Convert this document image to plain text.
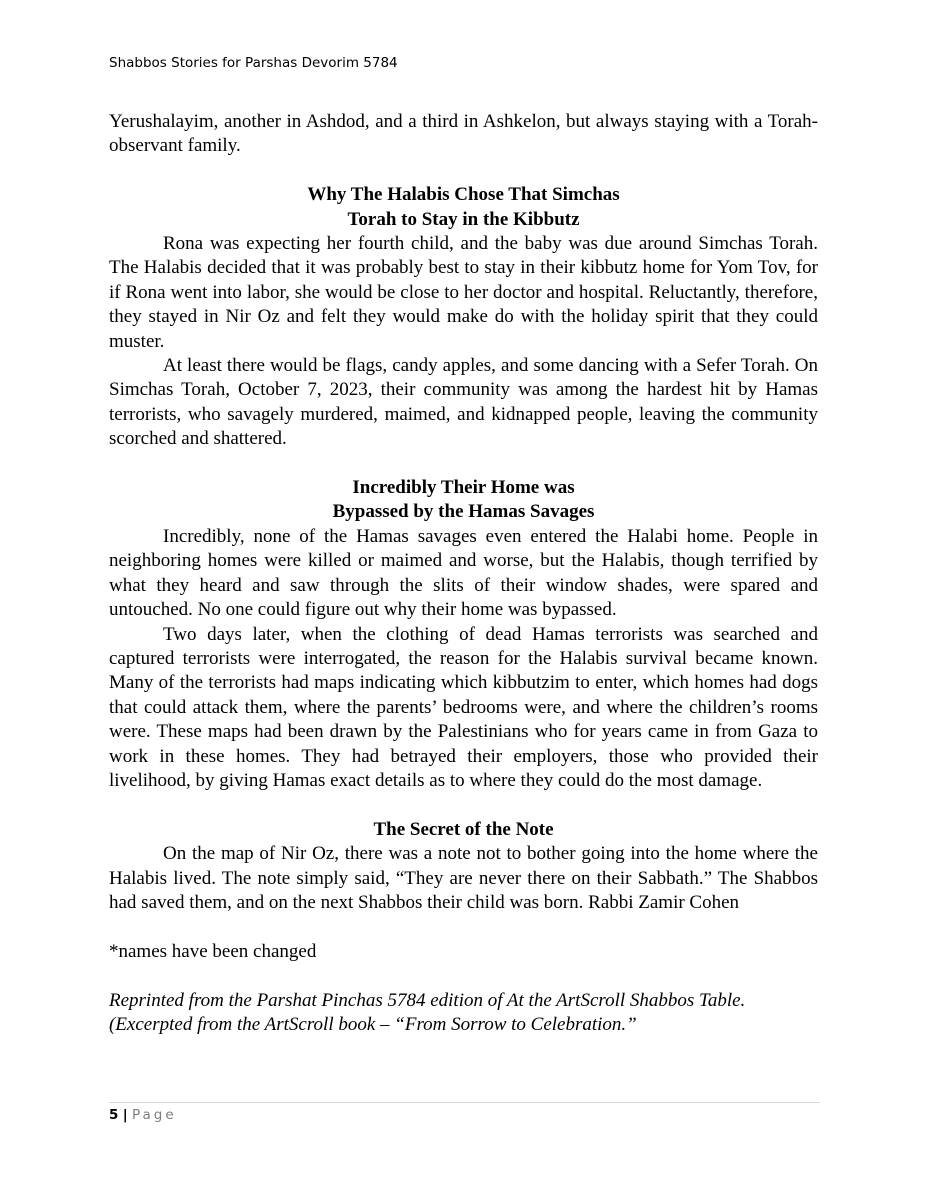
Shabbos Stories for Parshas Devorim 5784

Yerushalayim, another in Ashdod, and a third in Ashkelon, but always staying with a Torah-observant family.

Why The Halabis Chose That Simchas
Torah to Stay in the Kibbutz

Rona was expecting her fourth child, and the baby was due around Simchas Torah. The Halabis decided that it was probably best to stay in their kibbutz home for Yom Tov, for if Rona went into labor, she would be close to her doctor and hospital. Reluctantly, therefore, they stayed in Nir Oz and felt they would make do with the holiday spirit that they could muster.

At least there would be flags, candy apples, and some dancing with a Sefer Torah. On Simchas Torah, October 7, 2023, their community was among the hardest hit by Hamas terrorists, who savagely murdered, maimed, and kidnapped people, leaving the community scorched and shattered.

Incredibly Their Home was
Bypassed by the Hamas Savages

Incredibly, none of the Hamas savages even entered the Halabi home. People in neighboring homes were killed or maimed and worse, but the Halabis, though terrified by what they heard and saw through the slits of their window shades, were spared and untouched. No one could figure out why their home was bypassed.

Two days later, when the clothing of dead Hamas terrorists was searched and captured terrorists were interrogated, the reason for the Halabis survival became known. Many of the terrorists had maps indicating which kibbutzim to enter, which homes had dogs that could attack them, where the parents’ bedrooms were, and where the children’s rooms were. These maps had been drawn by the Palestinians who for years came in from Gaza to work in these homes. They had betrayed their employers, those who provided their livelihood, by giving Hamas exact details as to where they could do the most damage.

The Secret of the Note

On the map of Nir Oz, there was a note not to bother going into the home where the Halabis lived. The note simply said, “They are never there on their Sabbath.” The Shabbos had saved them, and on the next Shabbos their child was born. Rabbi Zamir Cohen

*names have been changed

Reprinted from the Parshat Pinchas 5784 edition of At the ArtScroll Shabbos Table.

(Excerpted from the ArtScroll book – “From Sorrow to Celebration.”

5 | Page
